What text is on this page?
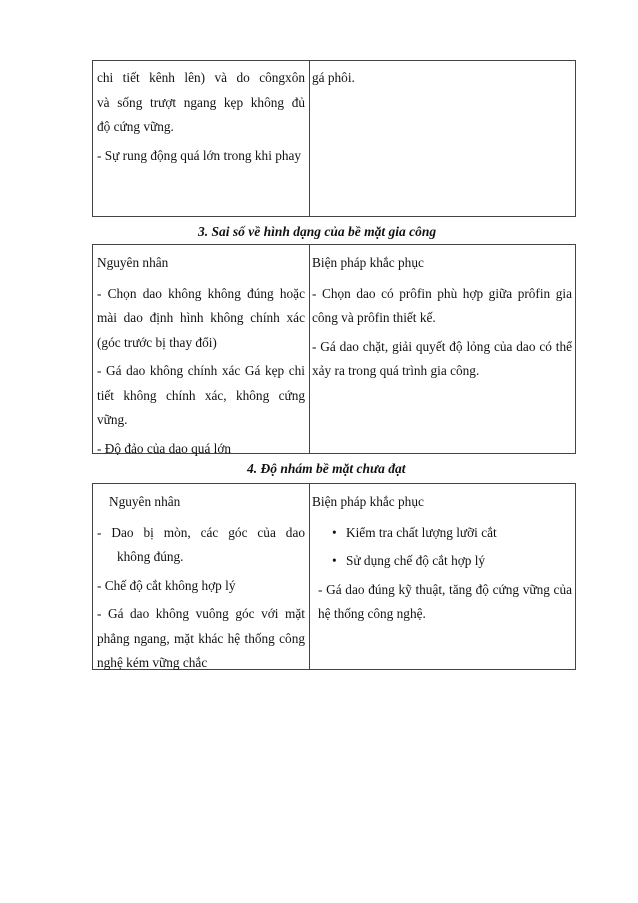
chi tiết kênh lên) và do côngxôn

và sống trượt ngang kẹp không đủ

độ cứng vững.

- Sự rung động quá lớn trong khi phay

gá phôi.

3. Sai số về hình dạng của bề mặt gia công

Nguyên nhân

- Chọn dao không không đúng hoặc mài dao định hình không chính xác (góc trước bị thay đổi)

- Gá dao không chính xác Gá kẹp chi tiết không chính xác, không cứng vững.

- Độ đảo của dao quá lớn

Biện pháp khắc phục

- Chọn dao có prôfin phù hợp giữa prôfin gia công và prôfin thiết kế.

- Gá dao chặt, giải quyết độ lỏng của dao có thể xảy ra trong quá trình gia công.

4. Độ nhám bề mặt chưa đạt

Nguyên nhân

- Dao bị mòn, các góc của dao

không đúng.

- Chế độ cắt không hợp lý

- Gá dao không vuông góc với mặt phẳng ngang, mặt khác hệ thống công nghệ kém vững chắc

Biện pháp khắc phục

• Kiểm tra chất lượng lưỡi cắt
• Sử dụng chế độ cắt hợp lý

- Gá dao đúng kỹ thuật, tăng độ cứng vững của hệ thống công nghệ.
